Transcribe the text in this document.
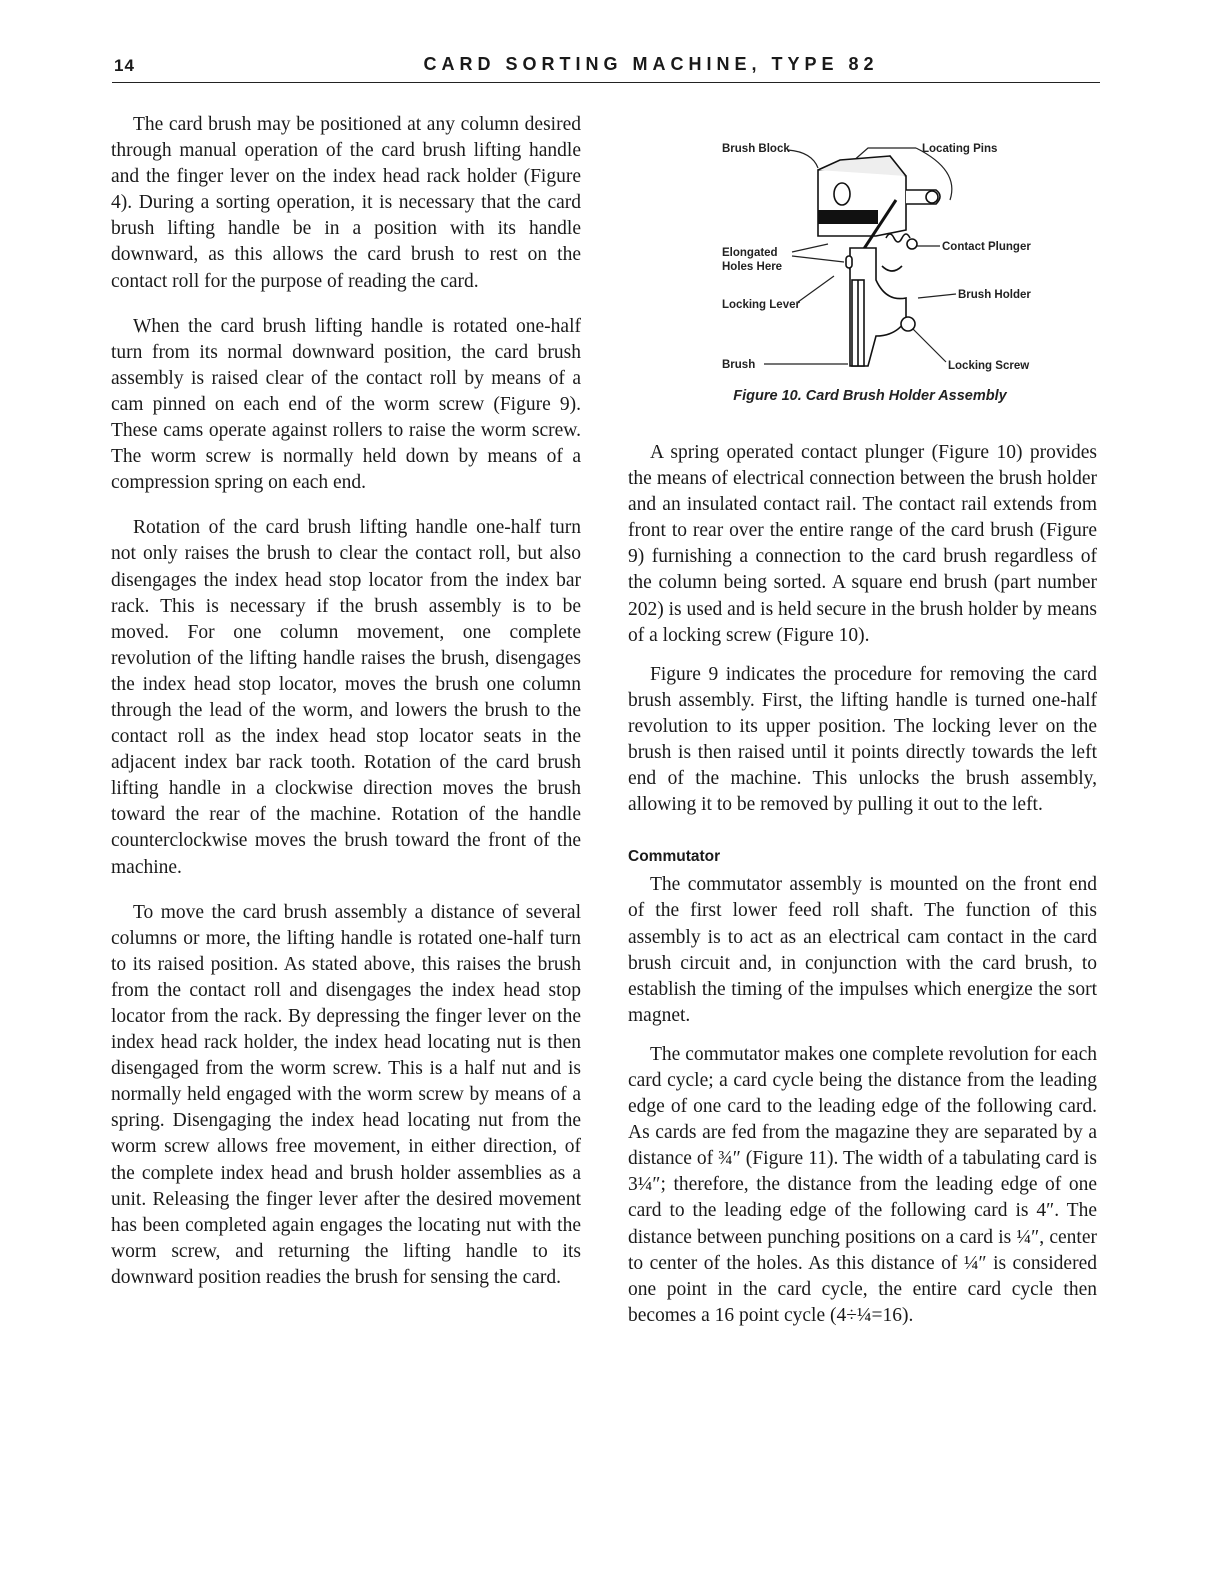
14	CARD SORTING MACHINE, TYPE 82

The card brush may be positioned at any column desired through manual operation of the card brush lifting handle and the finger lever on the index head rack holder (Figure 4). During a sorting operation, it is necessary that the card brush lifting handle be in a position with its handle downward, as this allows the card brush to rest on the contact roll for the purpose of reading the card.

When the card brush lifting handle is rotated one-half turn from its normal downward position, the card brush assembly is raised clear of the contact roll by means of a cam pinned on each end of the worm screw (Figure 9). These cams operate against rollers to raise the worm screw. The worm screw is normally held down by means of a compression spring on each end.

Rotation of the card brush lifting handle one-half turn not only raises the brush to clear the contact roll, but also disengages the index head stop locator from the index bar rack. This is necessary if the brush assembly is to be moved. For one column movement, one complete revolution of the lifting handle raises the brush, disengages the index head stop locator, moves the brush one column through the lead of the worm, and lowers the brush to the contact roll as the index head stop locator seats in the adjacent index bar rack tooth. Rotation of the card brush lifting handle in a clockwise direction moves the brush toward the rear of the machine. Rotation of the handle counterclockwise moves the brush toward the front of the machine.

To move the card brush assembly a distance of several columns or more, the lifting handle is rotated one-half turn to its raised position. As stated above, this raises the brush from the contact roll and disengages the index head stop locator from the rack. By depressing the finger lever on the index head rack holder, the index head locating nut is then disengaged from the worm screw. This is a half nut and is normally held engaged with the worm screw by means of a spring. Disengaging the index head locating nut from the worm screw allows free movement, in either direction, of the complete index head and brush holder assemblies as a unit. Releasing the finger lever after the desired movement has been completed again engages the locating nut with the worm screw, and returning the lifting handle to its downward position readies the brush for sensing the card.

Brush Block	Locating Pins
Elongated
Holes Here
Contact Plunger
Brush Holder
Locking Lever
Brush	Locking Screw
Figure 10. Card Brush Holder Assembly

A spring operated contact plunger (Figure 10) provides the means of electrical connection between the brush holder and an insulated contact rail. The contact rail extends from front to rear over the entire range of the card brush (Figure 9) furnishing a connection to the card brush regardless of the column being sorted. A square end brush (part number 202) is used and is held secure in the brush holder by means of a locking screw (Figure 10).

Figure 9 indicates the procedure for removing the card brush assembly. First, the lifting handle is turned one-half revolution to its upper position. The locking lever on the brush is then raised until it points directly towards the left end of the machine. This unlocks the brush assembly, allowing it to be removed by pulling it out to the left.

Commutator

The commutator assembly is mounted on the front end of the first lower feed roll shaft. The function of this assembly is to act as an electrical cam contact in the card brush circuit and, in conjunction with the card brush, to establish the timing of the impulses which energize the sort magnet.

The commutator makes one complete revolution for each card cycle; a card cycle being the distance from the leading edge of one card to the leading edge of the following card. As cards are fed from the magazine they are separated by a distance of ¾″ (Figure 11). The width of a tabulating card is 3¼″; therefore, the distance from the leading edge of one card to the leading edge of the following card is 4″. The distance between punching positions on a card is ¼″, center to center of the holes. As this distance of ¼″ is considered one point in the card cycle, the entire card cycle then becomes a 16 point cycle (4÷¼=16).
